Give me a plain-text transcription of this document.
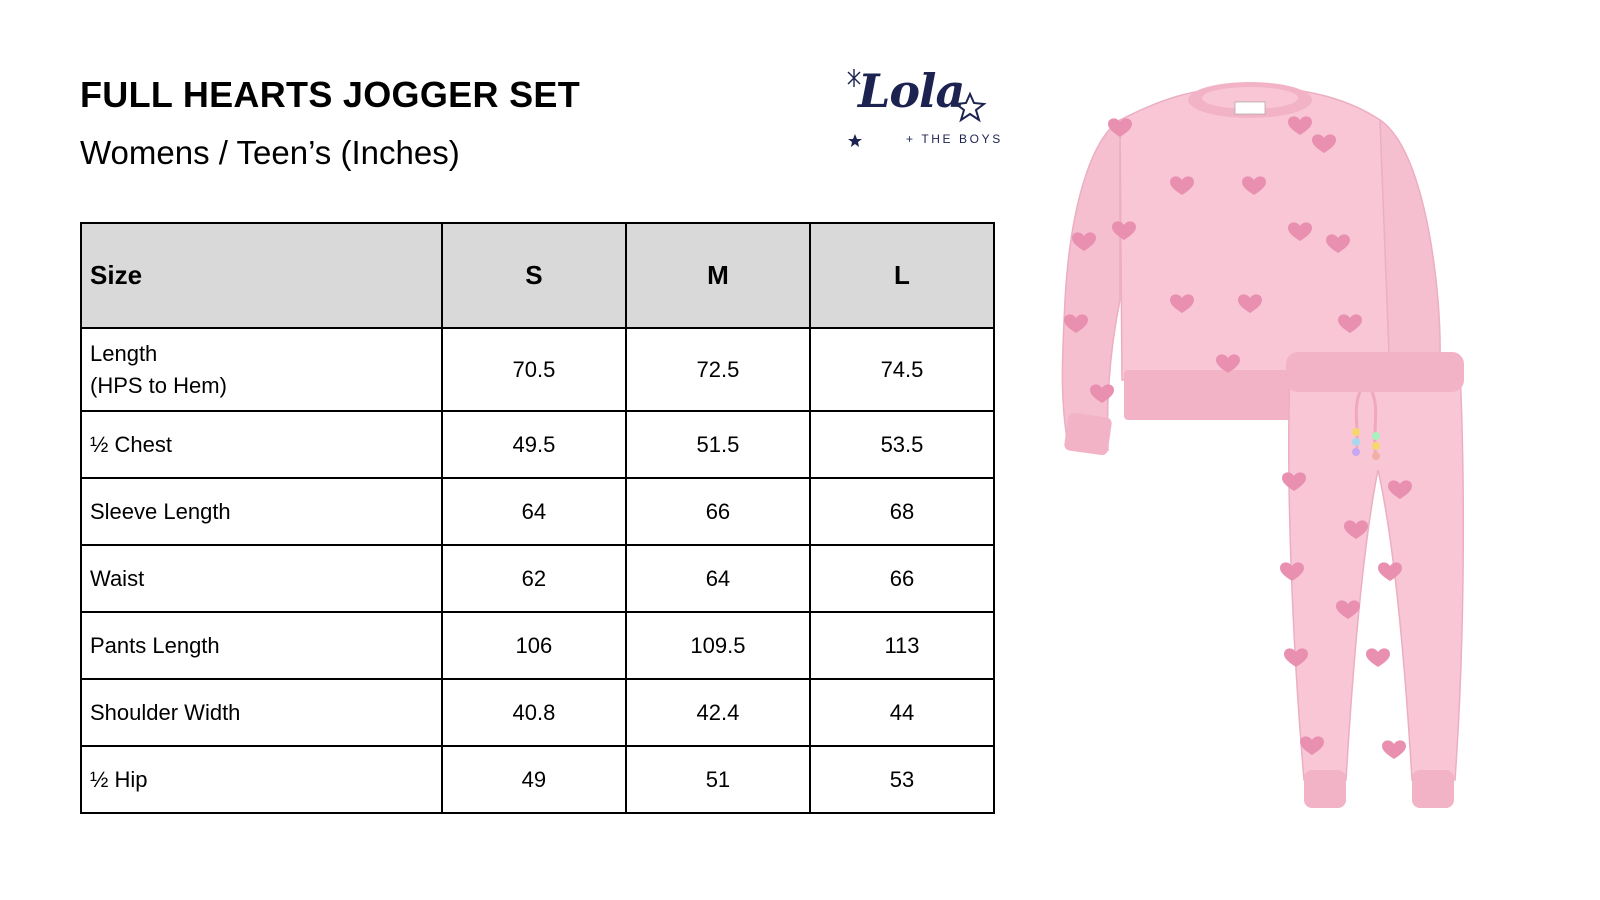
FULL HEARTS JOGGER SET
Womens / Teen’s (Inches)
Lola
+ THE BOYS
Size	S	M	L
Length
(HPS to Hem)	70.5	72.5	74.5
½ Chest	49.5	51.5	53.5
Sleeve Length	64	66	68
Waist	62	64	66
Pants Length	106	109.5	113
Shoulder Width	40.8	42.4	44
½ Hip	49	51	53
